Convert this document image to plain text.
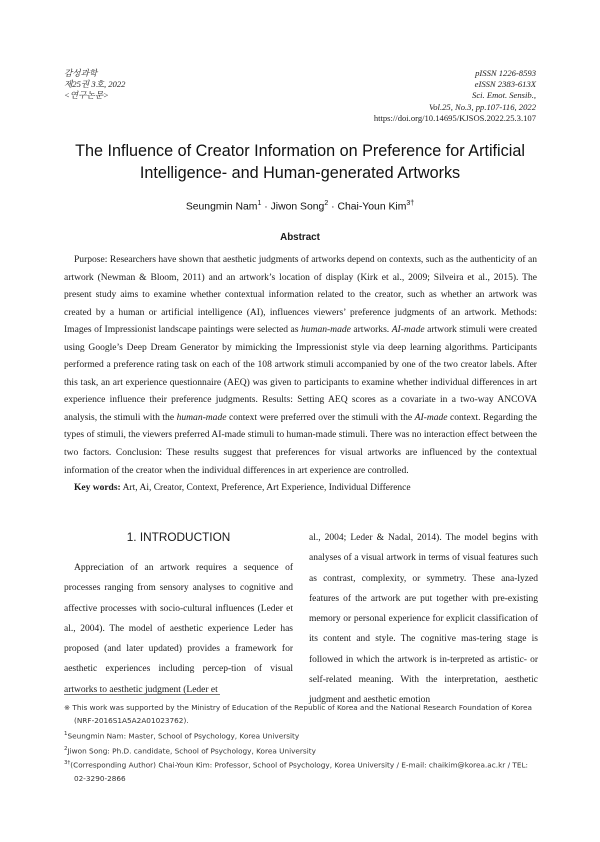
감성과학
제25권 3호, 2022
<연구논문>
pISSN 1226-8593
eISSN 2383-613X
Sci. Emot. Sensib.,
Vol.25, No.3, pp.107-116, 2022
https://doi.org/10.14695/KJSOS.2022.25.3.107
The Influence of Creator Information on Preference for Artificial
Intelligence- and Human-generated Artworks
Seungmin Nam$^1$ · Jiwon Song$^2$ · Chai-Youn Kim$^{3\dagger}$
Abstract

Purpose: Researchers have shown that aesthetic judgments of artworks depend on contexts, such as the authenticity of an artwork (Newman & Bloom, 2011) and an artwork’s location of display (Kirk et al., 2009; Silveira et al., 2015). The present study aims to examine whether contextual information related to the creator, such as whether an artwork was created by a human or artificial intelligence (AI), influences viewers’ preference judgments of an artwork. Methods: Images of Impressionist landscape paintings were selected as human-made artworks. AI-made artwork stimuli were created using Google’s Deep Dream Generator by mimicking the Impressionist style via deep learning algorithms. Participants performed a preference rating task on each of the 108 artwork stimuli accompanied by one of the two creator labels. After this task, an art experience questionnaire (AEQ) was given to participants to examine whether individual differences in art experience influence their preference judgments. Results: Setting AEQ scores as a covariate in a two-way ANCOVA analysis, the stimuli with the human-made context were preferred over the stimuli with the AI-made context. Regarding the types of stimuli, the viewers preferred AI-made stimuli to human-made stimuli. There was no interaction effect between the two factors. Conclusion: These results suggest that preferences for visual artworks are influenced by the contextual information of the creator when the individual differences in art experience are controlled.

Key words: Art, Ai, Creator, Context, Preference, Art Experience, Individual Difference
1. INTRODUCTION

Appreciation of an artwork requires a sequence of processes ranging from sensory analyses to cognitive and affective processes with socio-cultural influences (Leder et al., 2004). The model of aesthetic experience Leder has proposed (and later updated) provides a framework for aesthetic experiences including percep-tion of visual artworks to aesthetic judgment (Leder et

al., 2004; Leder & Nadal, 2014). The model begins with analyses of a visual artwork in terms of visual features such as contrast, complexity, or symmetry. These ana-lyzed features of the artwork are put together with pre-existing memory or personal experience for explicit classification of its content and style. The cognitive mas-tering stage is followed in which the artwork is in-terpreted as artistic- or self-related meaning. With the interpretation, aesthetic judgment and aesthetic emotion

※ This work was supported by the Ministry of Education of the Republic of Korea and the National Research Foundation of Korea (NRF-2016S1A5A2A01023762).
$^1$Seungmin Nam: Master, School of Psychology, Korea University
$^2$Jiwon Song: Ph.D. candidate, School of Psychology, Korea University
$^{3\dagger}$(Corresponding Author) Chai-Youn Kim: Professor, School of Psychology, Korea University / E-mail: chaikim@korea.ac.kr / TEL: 02-3290-2866
